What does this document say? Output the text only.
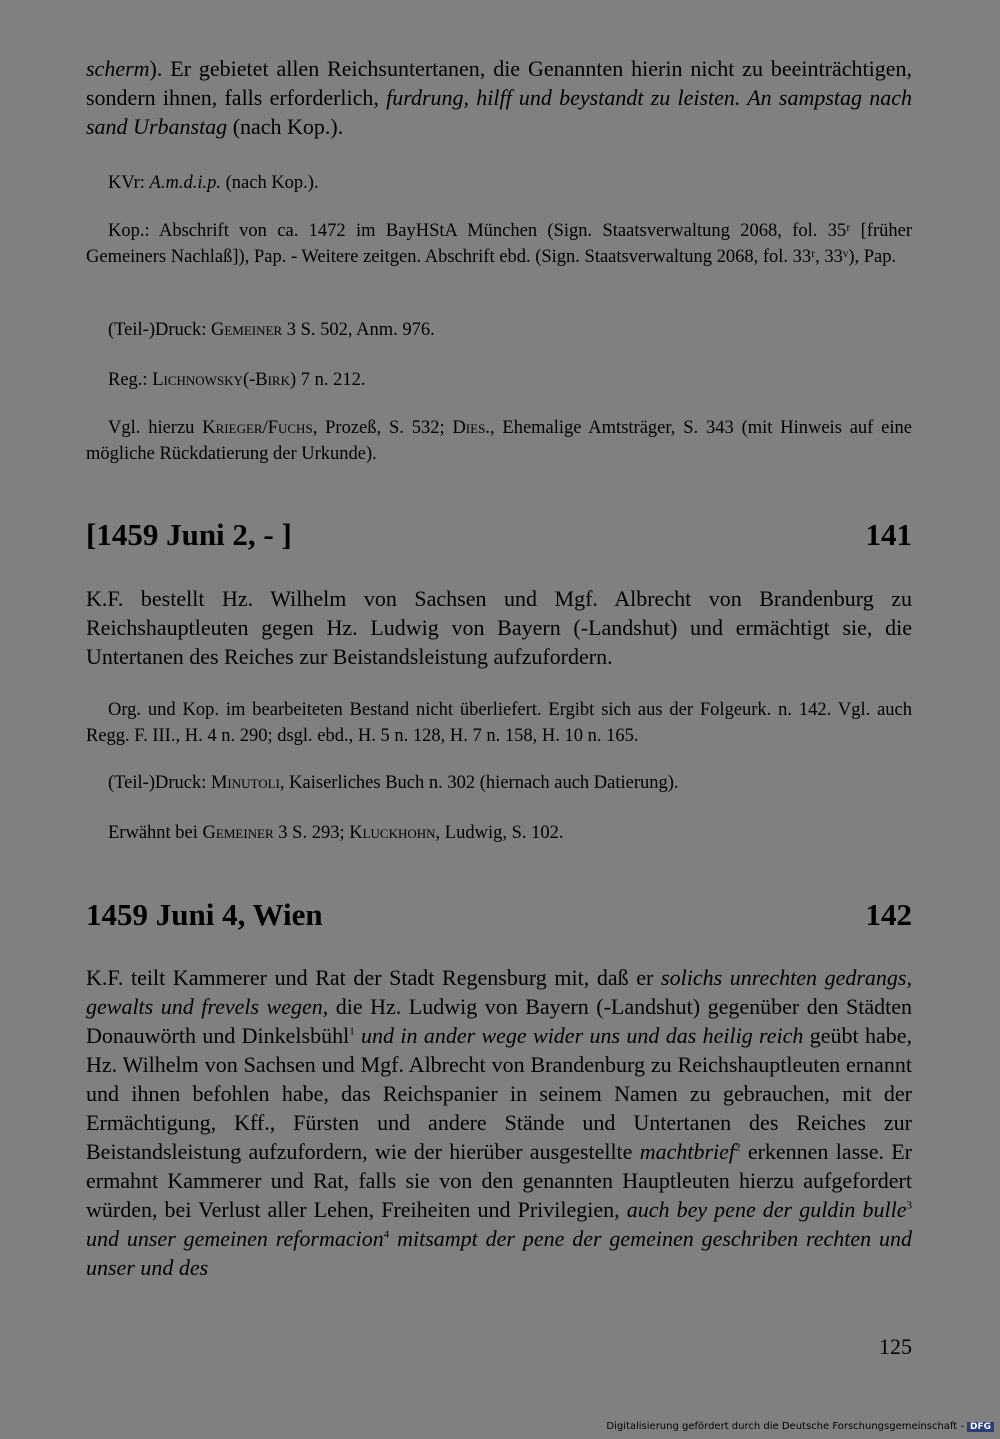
scherm). Er gebietet allen Reichsuntertanen, die Genannten hierin nicht zu beeinträchtigen, sondern ihnen, falls erforderlich, furdrung, hilff und beystandt zu leisten. An sampstag nach sand Urbanstag (nach Kop.).

KVr: A.m.d.i.p. (nach Kop.).

Kop.: Abschrift von ca. 1472 im BayHStA München (Sign. Staatsverwaltung 2068, fol. 35ʳ [früher Gemeiners Nachlaß]), Pap. - Weitere zeitgen. Abschrift ebd. (Sign. Staatsverwaltung 2068, fol. 33ʳ, 33ᵛ), Pap.

(Teil-)Druck: Gemeiner 3 S. 502, Anm. 976.

Reg.: Lichnowsky(-Birk) 7 n. 212.

Vgl. hierzu Krieger/Fuchs, Prozeß, S. 532; Dies., Ehemalige Amtsträger, S. 343 (mit Hinweis auf eine mögliche Rückdatierung der Urkunde).

[1459 Juni 2, - ]	141

K.F. bestellt Hz. Wilhelm von Sachsen und Mgf. Albrecht von Brandenburg zu Reichshauptleuten gegen Hz. Ludwig von Bayern (-Landshut) und ermächtigt sie, die Untertanen des Reiches zur Beistandsleistung aufzufordern.

Org. und Kop. im bearbeiteten Bestand nicht überliefert. Ergibt sich aus der Folgeurk. n. 142. Vgl. auch Regg. F. III., H. 4 n. 290; dsgl. ebd., H. 5 n. 128, H. 7 n. 158, H. 10 n. 165.

(Teil-)Druck: Minutoli, Kaiserliches Buch n. 302 (hiernach auch Datierung).

Erwähnt bei Gemeiner 3 S. 293; Kluckhohn, Ludwig, S. 102.

1459 Juni 4, Wien	142

K.F. teilt Kammerer und Rat der Stadt Regensburg mit, daß er solichs unrechten gedrangs, gewalts und frevels wegen, die Hz. Ludwig von Bayern (-Landshut) gegenüber den Städten Donauwörth und Dinkelsbühl$^1$ und in ander wege wider uns und das heilig reich geübt habe, Hz. Wilhelm von Sachsen und Mgf. Albrecht von Brandenburg zu Reichshauptleuten ernannt und ihnen befohlen habe, das Reichspanier in seinem Namen zu gebrauchen, mit der Ermächtigung, Kff., Fürsten und andere Stände und Untertanen des Reiches zur Beistandsleistung aufzufordern, wie der hierüber ausgestellte machtbrief$^2$ erkennen lasse. Er ermahnt Kammerer und Rat, falls sie von den genannten Hauptleuten hierzu aufgefordert würden, bei Verlust aller Lehen, Freiheiten und Privilegien, auch bey pene der guldin bulle$^3$ und unser gemeinen reformacion$^4$ mitsampt der pene der gemeinen geschriben rechten und unser und des

125
Digitalisierung gefördert durch die Deutsche Forschungsgemeinschaft - DFG
